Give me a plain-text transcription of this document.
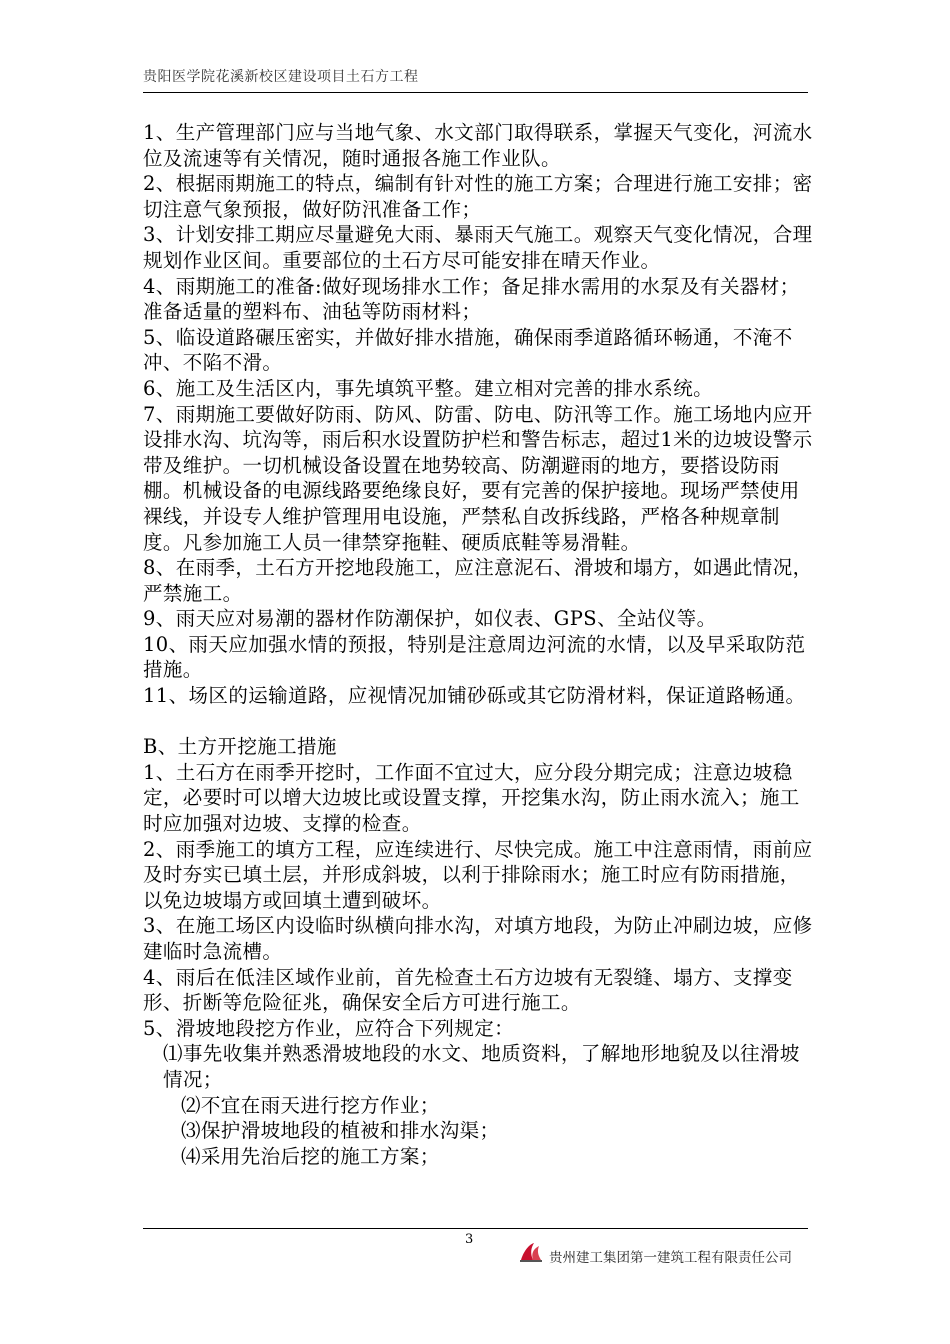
贵阳医学院花溪新校区建设项目土石方工程

1、生产管理部门应与当地气象、水文部门取得联系，掌握天气变化，河流水位及流速等有关情况，随时通报各施工作业队。

2、根据雨期施工的特点，编制有针对性的施工方案；合理进行施工安排；密切注意气象预报，做好防汛准备工作；

3、计划安排工期应尽量避免大雨、暴雨天气施工。观察天气变化情况，合理规划作业区间。重要部位的土石方尽可能安排在晴天作业。

4、雨期施工的准备:做好现场排水工作；备足排水需用的水泵及有关器材；准备适量的塑料布、油毡等防雨材料；

5、临设道路碾压密实，并做好排水措施，确保雨季道路循环畅通，不淹不冲、不陷不滑。

6、施工及生活区内，事先填筑平整。建立相对完善的排水系统。

7、雨期施工要做好防雨、防风、防雷、防电、防汛等工作。施工场地内应开设排水沟、坑沟等，雨后积水设置防护栏和警告标志，超过1米的边坡设警示带及维护。一切机械设备设置在地势较高、防潮避雨的地方，要搭设防雨棚。机械设备的电源线路要绝缘良好，要有完善的保护接地。现场严禁使用裸线，并设专人维护管理用电设施，严禁私自改拆线路，严格各种规章制度。凡参加施工人员一律禁穿拖鞋、硬质底鞋等易滑鞋。

8、在雨季，土石方开挖地段施工，应注意泥石、滑坡和塌方，如遇此情况，严禁施工。

9、雨天应对易潮的器材作防潮保护，如仪表、GPS、全站仪等。

10、雨天应加强水情的预报，特别是注意周边河流的水情，以及早采取防范措施。

11、场区的运输道路，应视情况加铺砂砾或其它防滑材料，保证道路畅通。

B、土方开挖施工措施

1、土石方在雨季开挖时，工作面不宜过大，应分段分期完成；注意边坡稳定，必要时可以增大边坡比或设置支撑，开挖集水沟，防止雨水流入；施工时应加强对边坡、支撑的检查。

2、雨季施工的填方工程，应连续进行、尽快完成。施工中注意雨情，雨前应及时夯实已填土层，并形成斜坡，以利于排除雨水；施工时应有防雨措施，以免边坡塌方或回填土遭到破坏。

3、在施工场区内设临时纵横向排水沟，对填方地段，为防止冲刷边坡，应修建临时急流槽。

4、雨后在低洼区域作业前，首先检查土石方边坡有无裂缝、塌方、支撑变形、折断等危险征兆，确保安全后方可进行施工。

5、滑坡地段挖方作业，应符合下列规定：

⑴事先收集并熟悉滑坡地段的水文、地质资料，了解地形地貌及以往滑坡情况；

⑵不宜在雨天进行挖方作业；

⑶保护滑坡地段的植被和排水沟渠；

⑷采用先治后挖的施工方案；

3
贵州建工集团第一建筑工程有限责任公司
